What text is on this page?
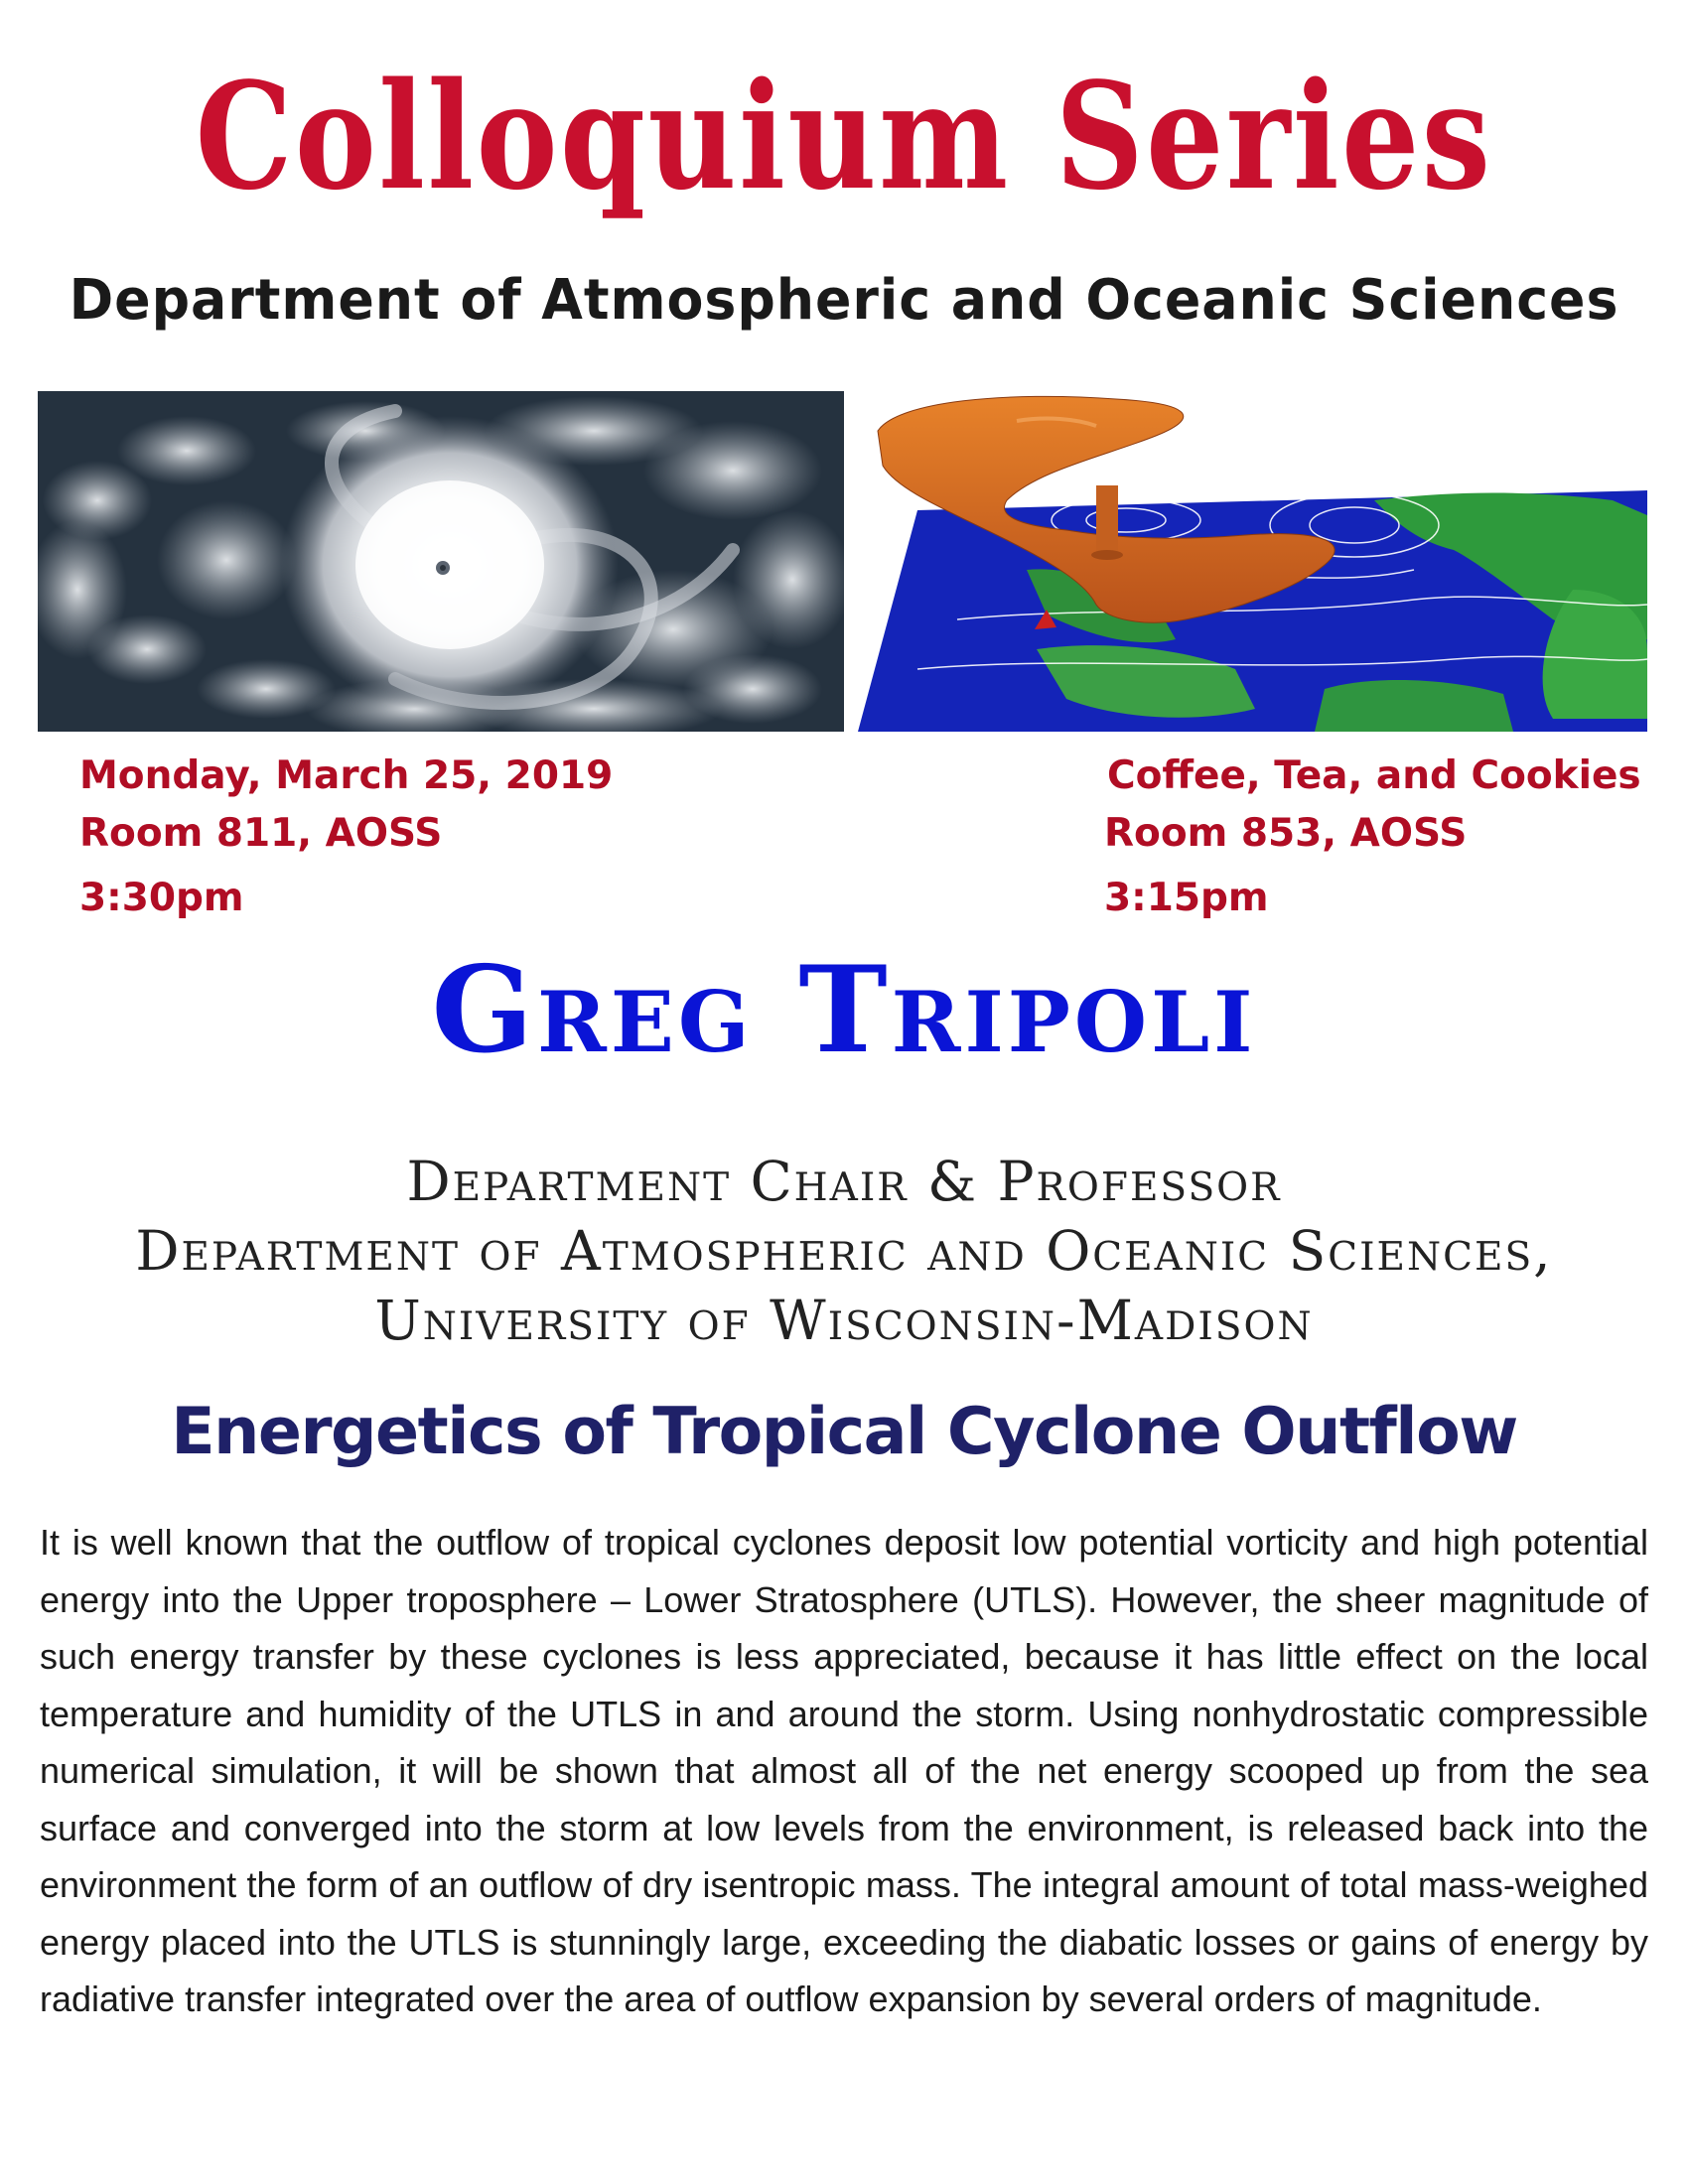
Colloquium Series
Department of Atmospheric and Oceanic Sciences
Monday, March 25, 2019
Room 811, AOSS
3:30pm
Coffee, Tea, and Cookies
Room 853, AOSS
3:15pm
Greg Tripoli
Department Chair & Professor
Department of Atmospheric and Oceanic Sciences,
University of Wisconsin-Madison
Energetics of Tropical Cyclone Outflow
It is well known that the outflow of tropical cyclones deposit low potential vorticity and high potential energy into the Upper troposphere – Lower Stratosphere (UTLS). However, the sheer magnitude of such energy transfer by these cyclones is less appreciated, because it has little effect on the local temperature and humidity of the UTLS in and around the storm. Using nonhydrostatic compressible numerical simulation, it will be shown that almost all of the net energy scooped up from the sea surface and converged into the storm at low levels from the environment, is released back into the environment the form of an outflow of dry isentropic mass. The integral amount of total mass-weighed energy placed into the UTLS is stunningly large, exceeding the diabatic losses or gains of energy by radiative transfer integrated over the area of outflow expansion by several orders of magnitude.
